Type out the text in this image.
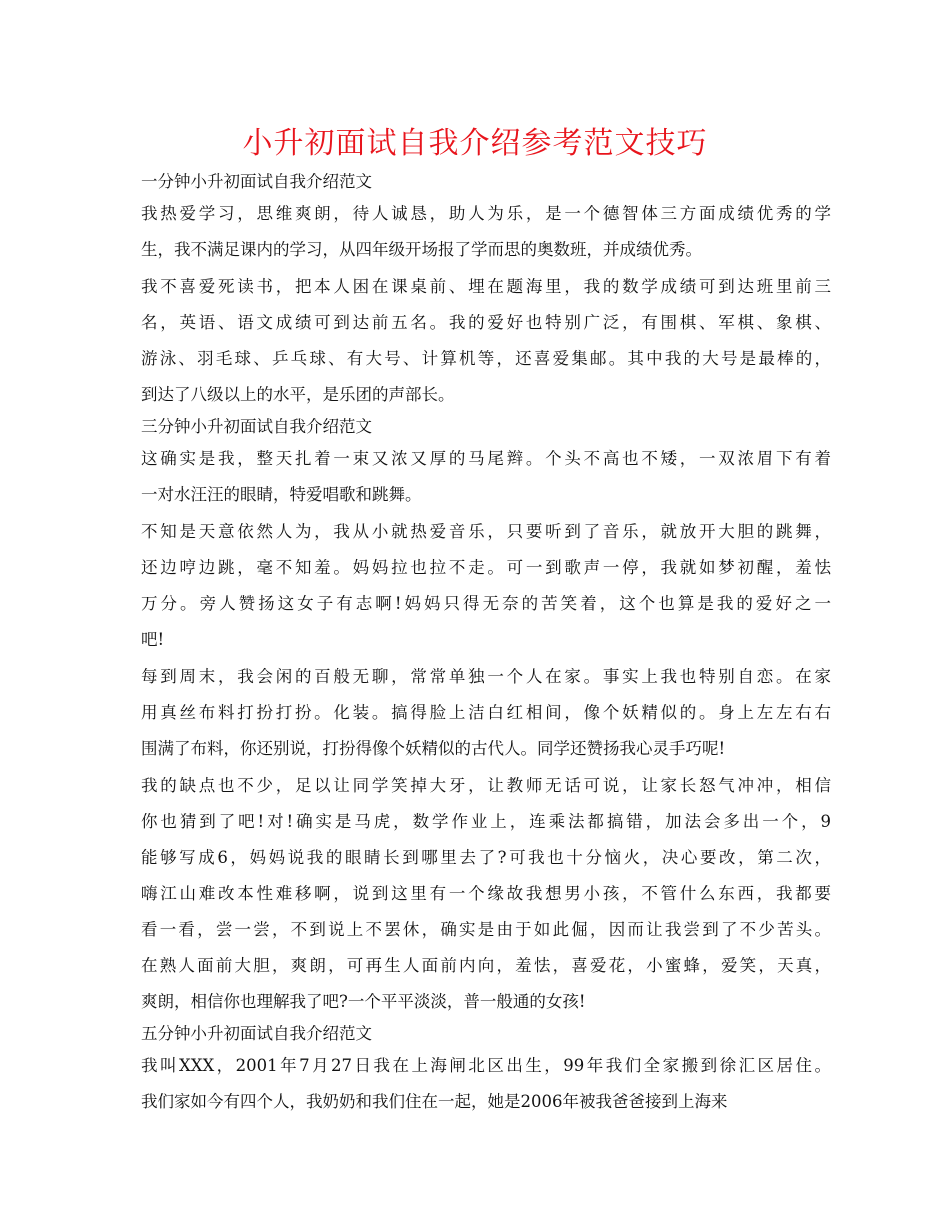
小升初面试自我介绍参考范文技巧
一分钟小升初面试自我介绍范文

我热爱学习，思维爽朗，待人诚恳，助人为乐，是一个德智体三方面成绩优秀的学
生，我不满足课内的学习，从四年级开场报了学而思的奥数班，并成绩优秀。

我不喜爱死读书，把本人困在课桌前、埋在题海里，我的数学成绩可到达班里前三
名，英语、语文成绩可到达前五名。我的爱好也特别广泛，有围棋、军棋、象棋、
游泳、羽毛球、乒乓球、有大号、计算机等，还喜爱集邮。其中我的大号是最棒的，
到达了八级以上的水平，是乐团的声部长。

三分钟小升初面试自我介绍范文

这确实是我，整天扎着一束又浓又厚的马尾辫。个头不高也不矮，一双浓眉下有着
一对水汪汪的眼睛，特爱唱歌和跳舞。

不知是天意依然人为，我从小就热爱音乐，只要听到了音乐，就放开大胆的跳舞，
还边哼边跳，毫不知羞。妈妈拉也拉不走。可一到歌声一停，我就如梦初醒，羞怯
万分。旁人赞扬这女子有志啊!妈妈只得无奈的苦笑着，这个也算是我的爱好之一
吧!

每到周末，我会闲的百般无聊，常常单独一个人在家。事实上我也特别自恋。在家
用真丝布料打扮打扮。化装。搞得脸上洁白红相间，像个妖精似的。身上左左右右
围满了布料，你还别说，打扮得像个妖精似的古代人。同学还赞扬我心灵手巧呢!

我的缺点也不少，足以让同学笑掉大牙，让教师无话可说，让家长怒气冲冲，相信
你也猜到了吧!对!确实是马虎，数学作业上，连乘法都搞错，加法会多出一个，9
能够写成6，妈妈说我的眼睛长到哪里去了?可我也十分恼火，决心要改，第二次，
嗨江山难改本性难移啊，说到这里有一个缘故我想男小孩，不管什么东西，我都要
看一看，尝一尝，不到说上不罢休，确实是由于如此倔，因而让我尝到了不少苦头。
在熟人面前大胆，爽朗，可再生人面前内向，羞怯，喜爱花，小蜜蜂，爱笑，天真，
爽朗，相信你也理解我了吧?一个平平淡淡，普一般通的女孩!

五分钟小升初面试自我介绍范文

我叫XXX，2001年7月27日我在上海闸北区出生，99年我们全家搬到徐汇区居住。
我们家如今有四个人，我奶奶和我们住在一起，她是2006年被我爸爸接到上海来
